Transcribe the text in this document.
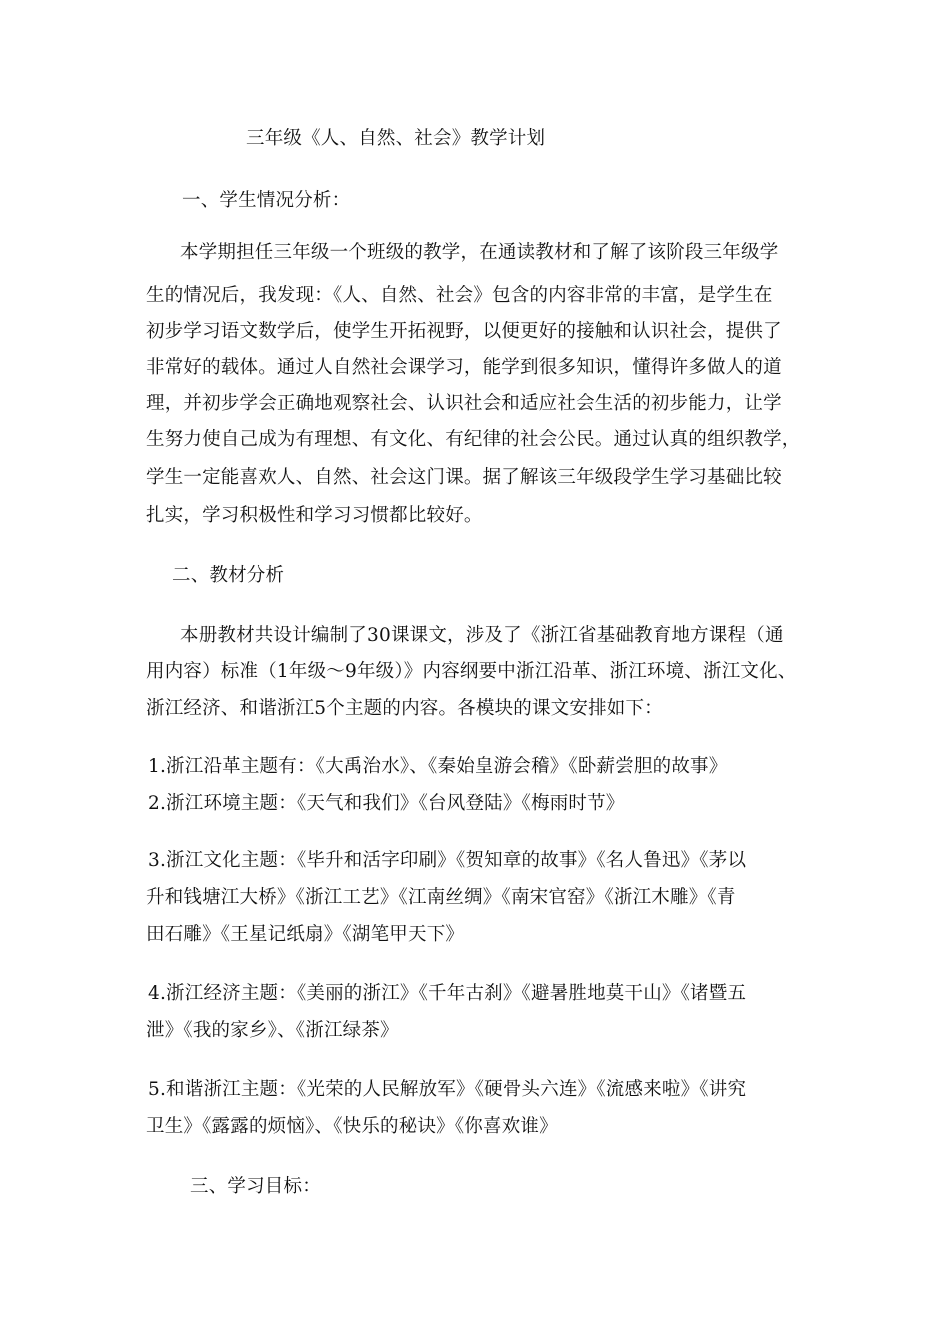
三年级《人、自然、社会》教学计划
一、学生情况分析：
本学期担任三年级一个班级的教学，在通读教材和了解了该阶段三年级学
生的情况后，我发现：《人、自然、社会》包含的内容非常的丰富，是学生在
初步学习语文数学后，使学生开拓视野，以便更好的接触和认识社会，提供了
非常好的载体。通过人自然社会课学习，能学到很多知识，懂得许多做人的道
理，并初步学会正确地观察社会、认识社会和适应社会生活的初步能力，让学
生努力使自己成为有理想、有文化、有纪律的社会公民。通过认真的组织教学，
学生一定能喜欢人、自然、社会这门课。据了解该三年级段学生学习基础比较
扎实，学习积极性和学习习惯都比较好。
二、教材分析
本册教材共设计编制了30课课文，涉及了《浙江省基础教育地方课程（通
用内容）标准（1年级～9年级）》内容纲要中浙江沿革、浙江环境、浙江文化、
浙江经济、和谐浙江5个主题的内容。各模块的课文安排如下：
1.浙江沿革主题有：《大禹治水》、《秦始皇游会稽》《卧薪尝胆的故事》
2.浙江环境主题：《天气和我们》《台风登陆》《梅雨时节》
3.浙江文化主题：《毕升和活字印刷》《贺知章的故事》《名人鲁迅》《茅以
升和钱塘江大桥》《浙江工艺》《江南丝绸》《南宋官窑》《浙江木雕》《青
田石雕》《王星记纸扇》《湖笔甲天下》
4.浙江经济主题：《美丽的浙江》《千年古刹》《避暑胜地莫干山》《诸暨五
泄》《我的家乡》、《浙江绿茶》
5.和谐浙江主题：《光荣的人民解放军》《硬骨头六连》《流感来啦》《讲究
卫生》《露露的烦恼》、《快乐的秘诀》《你喜欢谁》
三、学习目标：
